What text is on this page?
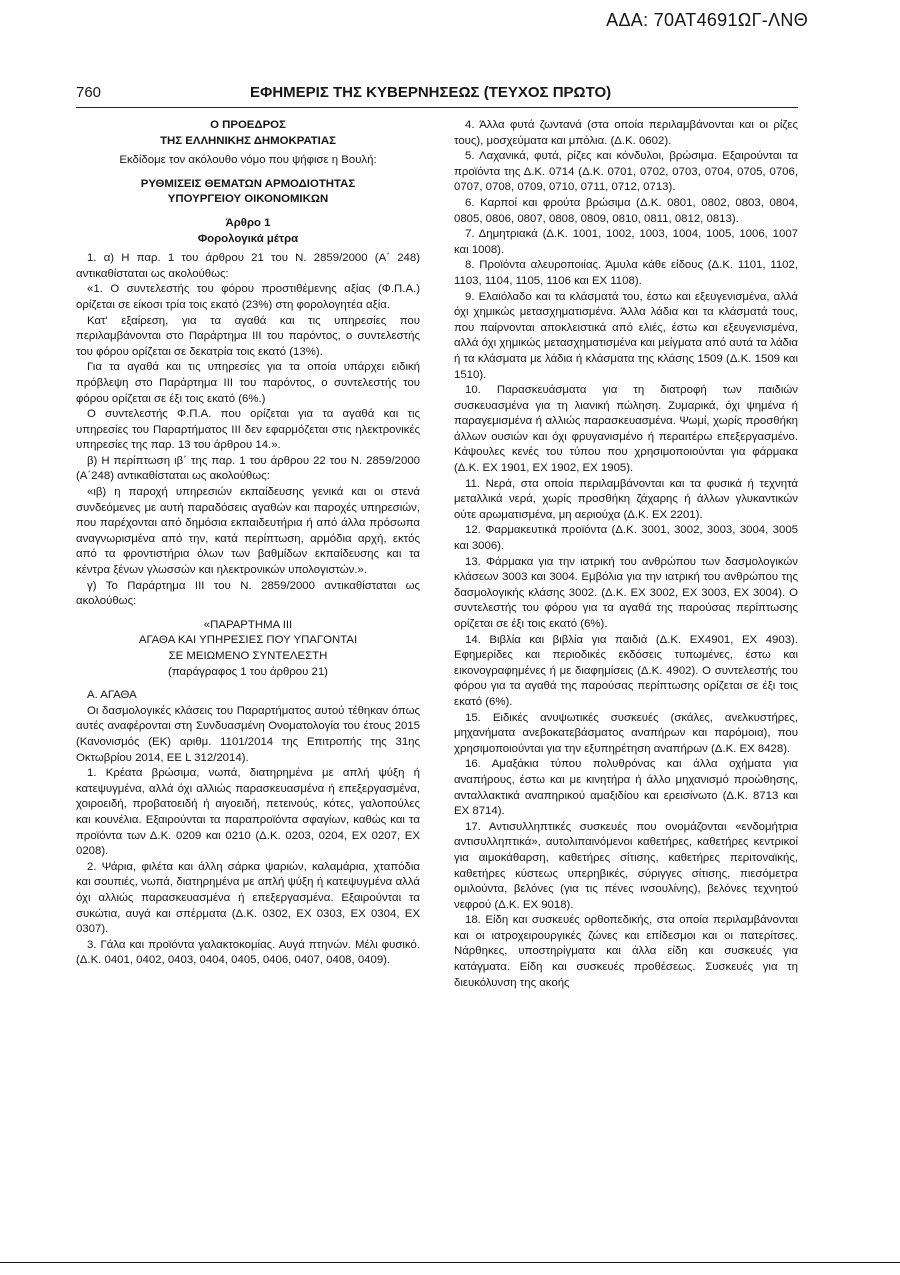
ΑΔΑ: 70ΑΤ4691ΩΓ-ΛΝΘ
760	ΕΦΗΜΕΡΙΣ ΤΗΣ ΚΥΒΕΡΝΗΣΕΩΣ (ΤΕΥΧΟΣ ΠΡΩΤΟ)

Ο ΠΡΟΕΔΡΟΣ

ΤΗΣ ΕΛΛΗΝΙΚΗΣ ΔΗΜΟΚΡΑΤΙΑΣ

Εκδίδομε τον ακόλουθο νόμο που ψήφισε η Βουλή:

ΡΥΘΜΙΣΕΙΣ ΘΕΜΑΤΩΝ ΑΡΜΟΔΙΟΤΗΤΑΣ

ΥΠΟΥΡΓΕΙΟΥ ΟΙΚΟΝΟΜΙΚΩΝ

Άρθρο 1

Φορολογικά μέτρα

1. α) Η παρ. 1 του άρθρου 21 του Ν. 2859/2000 (Α΄ 248) αντικαθίσταται ως ακολούθως:

«1. Ο συντελεστής του φόρου προστιθέμενης αξίας (Φ.Π.Α.) ορίζεται σε είκοσι τρία τοις εκατό (23%) στη φορολογητέα αξία.

Κατ' εξαίρεση, για τα αγαθά και τις υπηρεσίες που περιλαμβάνονται στο Παράρτημα ΙΙΙ του παρόντος, ο συντελεστής του φόρου ορίζεται σε δεκατρία τοις εκατό (13%).

Για τα αγαθά και τις υπηρεσίες για τα οποία υπάρχει ειδική πρόβλεψη στο Παράρτημα ΙΙΙ του παρόντος, ο συντελεστής του φόρου ορίζεται σε έξι τοις εκατό (6%.)

Ο συντελεστής Φ.Π.Α. που ορίζεται για τα αγαθά και τις υπηρεσίες του Παραρτήματος ΙΙΙ δεν εφαρμόζεται στις ηλεκτρονικές υπηρεσίες της παρ. 13 του άρθρου 14.».

β) Η περίπτωση ιβ΄ της παρ. 1 του άρθρου 22 του Ν. 2859/2000 (Α΄248) αντικαθίσταται ως ακολούθως:

«ιβ) η παροχή υπηρεσιών εκπαίδευσης γενικά και οι στενά συνδεόμενες με αυτή παραδόσεις αγαθών και παροχές υπηρεσιών, που παρέχονται από δημόσια εκπαιδευτήρια ή από άλλα πρόσωπα αναγνωρισμένα από την, κατά περίπτωση, αρμόδια αρχή, εκτός από τα φροντιστήρια όλων των βαθμίδων εκπαίδευσης και τα κέντρα ξένων γλωσσών και ηλεκτρονικών υπολογιστών.».

γ) Το Παράρτημα ΙΙΙ του Ν. 2859/2000 αντικαθίσταται ως ακολούθως:

«ΠΑΡΑΡΤΗΜΑ ΙΙΙ

ΑΓΑΘΑ ΚΑΙ ΥΠΗΡΕΣΙΕΣ ΠΟΥ ΥΠΑΓΟΝΤΑΙ

ΣΕ ΜΕΙΩΜΕΝΟ ΣΥΝΤΕΛΕΣΤΗ

(παράγραφος 1 του άρθρου 21)

Α. ΑΓΑΘΑ

Οι δασμολογικές κλάσεις του Παραρτήματος αυτού τέθηκαν όπως αυτές αναφέρονται στη Συνδυασμένη Ονοματολογία του έτους 2015 (Κανονισμός (ΕΚ) αριθμ. 1101/2014 της Επιτροπής της 31ης Οκτωβρίου 2014, ΕΕ L 312/2014).

1. Κρέατα βρώσιμα, νωπά, διατηρημένα με απλή ψύξη ή κατεψυγμένα, αλλά όχι αλλιώς παρασκευασμένα ή επεξεργασμένα, χοιροειδή, προβατοειδή ή αιγοειδή, πετεινούς, κότες, γαλοπούλες και κουνέλια. Εξαιρούνται τα παραπροϊόντα σφαγίων, καθώς και τα προϊόντα των Δ.Κ. 0209 και 0210 (Δ.Κ. 0203, 0204, ΕΧ 0207, ΕΧ 0208).

2. Ψάρια, φιλέτα και άλλη σάρκα ψαριών, καλαμάρια, χταπόδια και σουπιές, νωπά, διατηρημένα με απλή ψύξη ή κατεψυγμένα αλλά όχι αλλιώς παρασκευασμένα ή επεξεργασμένα. Εξαιρούνται τα συκώτια, αυγά και σπέρματα (Δ.Κ. 0302, ΕΧ 0303, ΕΧ 0304, ΕΧ 0307).

3. Γάλα και προϊόντα γαλακτοκομίας. Αυγά πτηνών. Μέλι φυσικό. (Δ.Κ. 0401, 0402, 0403, 0404, 0405, 0406, 0407, 0408, 0409).

4. Άλλα φυτά ζωντανά (στα οποία περιλαμβάνονται και οι ρίζες τους), μοσχεύματα και μπόλια. (Δ.Κ. 0602).

5. Λαχανικά, φυτά, ρίζες και κόνδυλοι, βρώσιμα. Εξαιρούνται τα προϊόντα της Δ.Κ. 0714 (Δ.Κ. 0701, 0702, 0703, 0704, 0705, 0706, 0707, 0708, 0709, 0710, 0711, 0712, 0713).

6. Καρποί και φρούτα βρώσιμα (Δ.Κ. 0801, 0802, 0803, 0804, 0805, 0806, 0807, 0808, 0809, 0810, 0811, 0812, 0813).

7. Δημητριακά (Δ.Κ. 1001, 1002, 1003, 1004, 1005, 1006, 1007 και 1008).

8. Προϊόντα αλευροποιίας. Άμυλα κάθε είδους (Δ.Κ. 1101, 1102, 1103, 1104, 1105, 1106 και ΕΧ 1108).

9. Ελαιόλαδο και τα κλάσματά του, έστω και εξευγενισμένα, αλλά όχι χημικώς μετασχηματισμένα. Άλλα λάδια και τα κλάσματά τους, που παίρνονται αποκλειστικά από ελιές, έστω και εξευγενισμένα, αλλά όχι χημικώς μετασχηματισμένα και μείγματα από αυτά τα λάδια ή τα κλάσματα με λάδια ή κλάσματα της κλάσης 1509 (Δ.Κ. 1509 και 1510).

10. Παρασκευάσματα για τη διατροφή των παιδιών συσκευασμένα για τη λιανική πώληση. Ζυμαρικά, όχι ψημένα ή παραγεμισμένα ή αλλιώς παρασκευασμένα. Ψωμί, χωρίς προσθήκη άλλων ουσιών και όχι φρυγανισμένο ή περαιτέρω επεξεργασμένο. Κάψουλες κενές του τύπου που χρησιμοποιούνται για φάρμακα (Δ.Κ. ΕΧ 1901, ΕΧ 1902, ΕΧ 1905).

11. Νερά, στα οποία περιλαμβάνονται και τα φυσικά ή τεχνητά μεταλλικά νερά, χωρίς προσθήκη ζάχαρης ή άλλων γλυκαντικών ούτε αρωματισμένα, μη αεριούχα (Δ.Κ. ΕΧ 2201).

12. Φαρμακευτικά προϊόντα (Δ.Κ. 3001, 3002, 3003, 3004, 3005 και 3006).

13. Φάρμακα για την ιατρική του ανθρώπου των δασμολογικών κλάσεων 3003 και 3004. Εμβόλια για την ιατρική του ανθρώπου της δασμολογικής κλάσης 3002. (Δ.Κ. ΕΧ 3002, ΕΧ 3003, ΕΧ 3004). Ο συντελεστής του φόρου για τα αγαθά της παρούσας περίπτωσης ορίζεται σε έξι τοις εκατό (6%).

14. Βιβλία και βιβλία για παιδιά (Δ.Κ. ΕΧ4901, ΕΧ 4903). Εφημερίδες και περιοδικές εκδόσεις τυπωμένες, έστω και εικονογραφημένες ή με διαφημίσεις (Δ.Κ. 4902). Ο συντελεστής του φόρου για τα αγαθά της παρούσας περίπτωσης ορίζεται σε έξι τοις εκατό (6%).

15. Ειδικές ανυψωτικές συσκευές (σκάλες, ανελκυστήρες, μηχανήματα ανεβοκατεβάσματος αναπήρων και παρόμοια), που χρησιμοποιούνται για την εξυπηρέτηση αναπήρων (Δ.Κ. ΕΧ 8428).

16. Αμαξάκια τύπου πολυθρόνας και άλλα οχήματα για αναπήρους, έστω και με κινητήρα ή άλλο μηχανισμό προώθησης, ανταλλακτικά αναπηρικού αμαξιδίου και ερεισίνωτο (Δ.Κ. 8713 και ΕΧ 8714).

17. Αντισυλληπτικές συσκευές που ονομάζονται «ενδομήτρια αντισυλληπτικά», αυτολιπαινόμενοι καθετήρες, καθετήρες κεντρικοί για αιμοκάθαρση, καθετήρες σίτισης, καθετήρες περιτοναϊκής, καθετήρες κύστεως υπερηβικές, σύριγγες σίτισης, πιεσόμετρα ομιλούντα, βελόνες (για τις πένες ινσουλίνης), βελόνες τεχνητού νεφρού (Δ.Κ. ΕΧ 9018).

18. Είδη και συσκευές ορθοπεδικής, στα οποία περιλαμβάνονται και οι ιατροχειρουργικές ζώνες και επίδεσμοι και οι πατερίτσες. Νάρθηκες, υποστηρίγματα και άλλα είδη και συσκευές για κατάγματα. Είδη και συσκευές προθέσεως. Συσκευές για τη διευκόλυνση της ακοής
